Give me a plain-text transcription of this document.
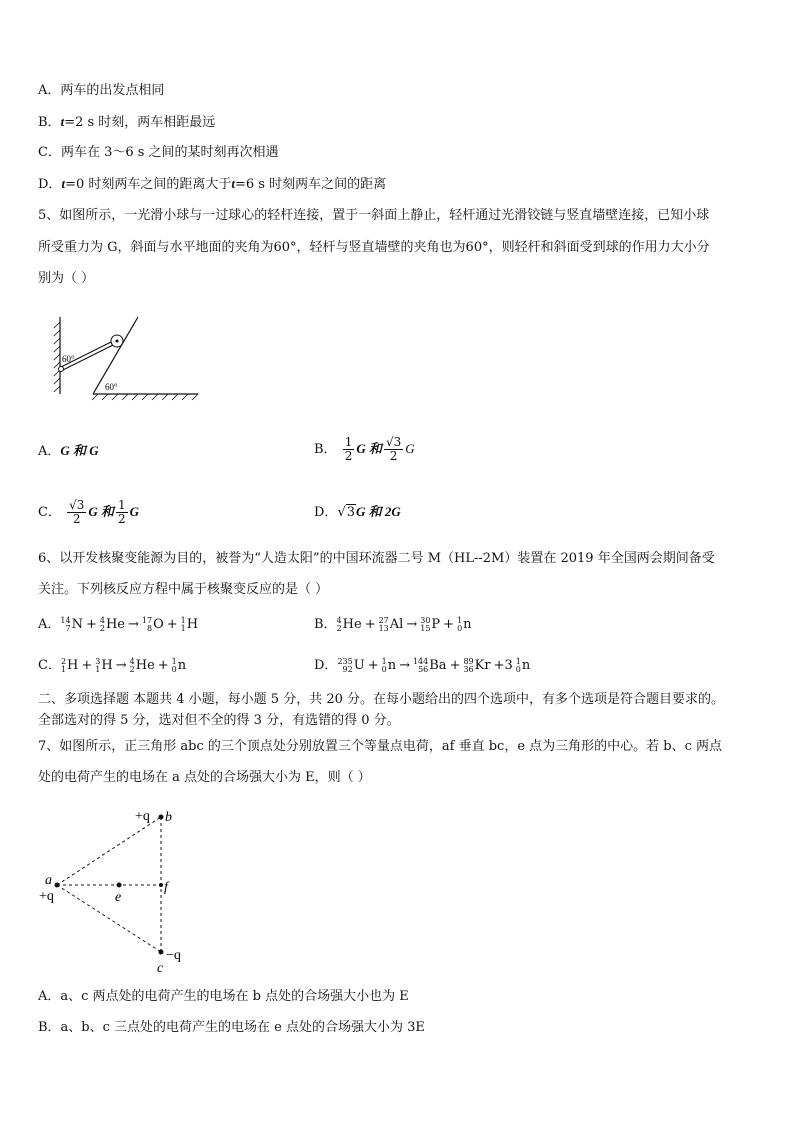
A．两车的出发点相同
B．t=2 s 时刻，两车相距最远
C．两车在 3～6 s 之间的某时刻再次相遇
D．t=0 时刻两车之间的距离大于t=6 s 时刻两车之间的距离
5、如图所示，一光滑小球与一过球心的轻杆连接，置于一斜面上静止，轻杆通过光滑铰链与竖直墙壁连接，已知小球
所受重力为 G，斜面与水平地面的夹角为60°，轻杆与竖直墙壁的夹角也为60°，则轻杆和斜面受到球的作用力大小分
别为（ ）
60°
60°
A．G 和 G	B． $\frac{1}{2}$ G 和 $\frac{√3}{2}$ G
C． $\frac{√3}{2}$ G 和 $\frac{1}{2}$ G	D．√3G 和 2G
6、以开发核聚变能源为目的，被誉为“人造太阳”的中国环流器二号 M（HL--2M）装置在 2019 年全国两会期间备受
关注。下列核反应方程中属于核聚变反应的是（ ）
A． 14
7 N + 4
2 He → 17
8 O + 1
1 H	B． 4
2 He + 27
13 Al → 30
15 P + 1
0 n
C． 2
1 H + 3
1 H → 4
2 He + 1
0 n	D． 235
92 U + 1
0 n → 144
56 Ba + 89
36 Kr +3 1
0 n
二、多项选择题 本题共 4 小题，每小题 5 分，共 20 分。在每小题给出的四个选项中，有多个选项是符合题目要求的。
全部选对的得 5 分，选对但不全的得 3 分，有选错的得 0 分。
7、如图所示，正三角形 abc 的三个顶点处分别放置三个等量点电荷，af 垂直 bc，e 点为三角形的中心。若 b、c 两点
处的电荷产生的电场在 a 点处的合场强大小为 E，则（ ）
+q b
a
+q	e
f
−q
c
A．a、c 两点处的电荷产生的电场在 b 点处的合场强大小也为 E
B．a、b、c 三点处的电荷产生的电场在 e 点处的合场强大小为 3E
